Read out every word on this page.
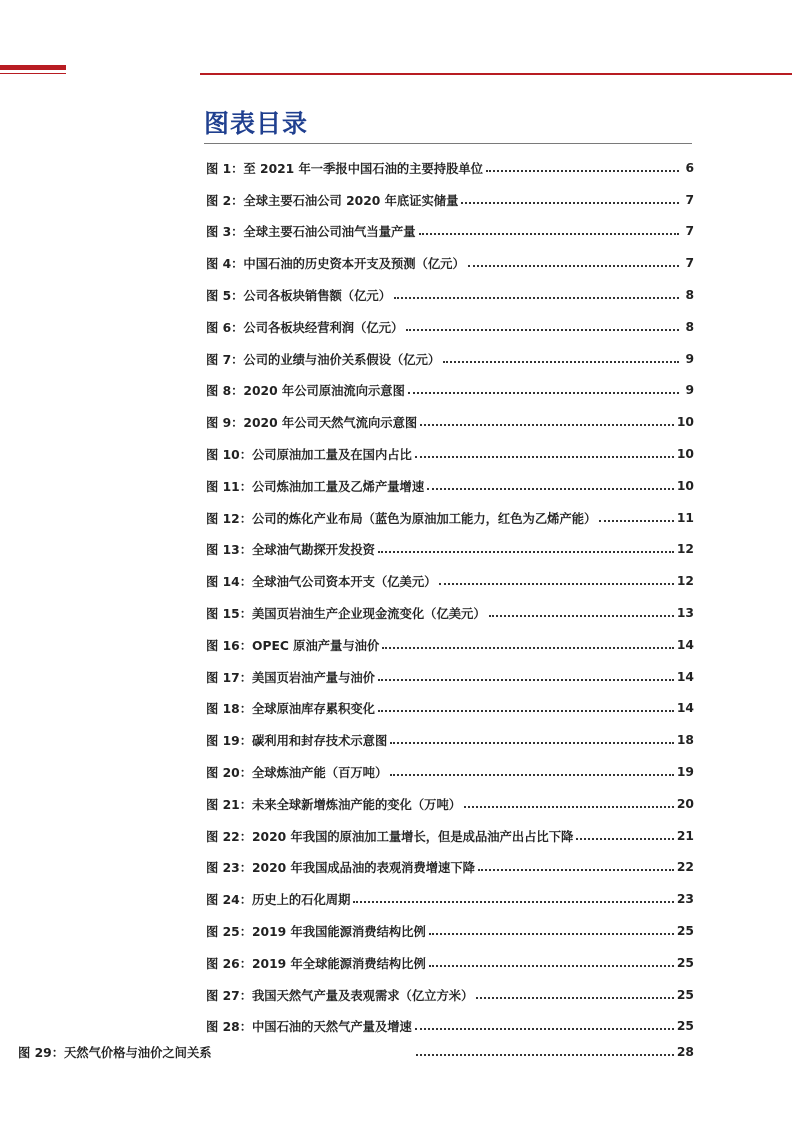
图表目录
图 1：至 2021 年一季报中国石油的主要持股单位	6
图 2：全球主要石油公司 2020 年底证实储量	7
图 3：全球主要石油公司油气当量产量	7
图 4：中国石油的历史资本开支及预测（亿元）	7
图 5：公司各板块销售额（亿元）	8
图 6：公司各板块经营利润（亿元）	8
图 7：公司的业绩与油价关系假设（亿元）	9
图 8：2020 年公司原油流向示意图	9
图 9：2020 年公司天然气流向示意图	10
图 10：公司原油加工量及在国内占比	10
图 11：公司炼油加工量及乙烯产量增速	10
图 12：公司的炼化产业布局（蓝色为原油加工能力，红色为乙烯产能）	11
图 13：全球油气勘探开发投资	12
图 14：全球油气公司资本开支（亿美元）	12
图 15：美国页岩油生产企业现金流变化（亿美元）	13
图 16：OPEC 原油产量与油价	14
图 17：美国页岩油产量与油价	14
图 18：全球原油库存累积变化	14
图 19：碳利用和封存技术示意图	18
图 20：全球炼油产能（百万吨）	19
图 21：未来全球新增炼油产能的变化（万吨）	20
图 22：2020 年我国的原油加工量增长，但是成品油产出占比下降	21
图 23：2020 年我国成品油的表观消费增速下降	22
图 24：历史上的石化周期	23
图 25：2019 年我国能源消费结构比例	25
图 26：2019 年全球能源消费结构比例	25
图 27：我国天然气产量及表观需求（亿立方米）	25
图 28：中国石油的天然气产量及增速	25
图 29：天然气价格与油价之间关系	28
